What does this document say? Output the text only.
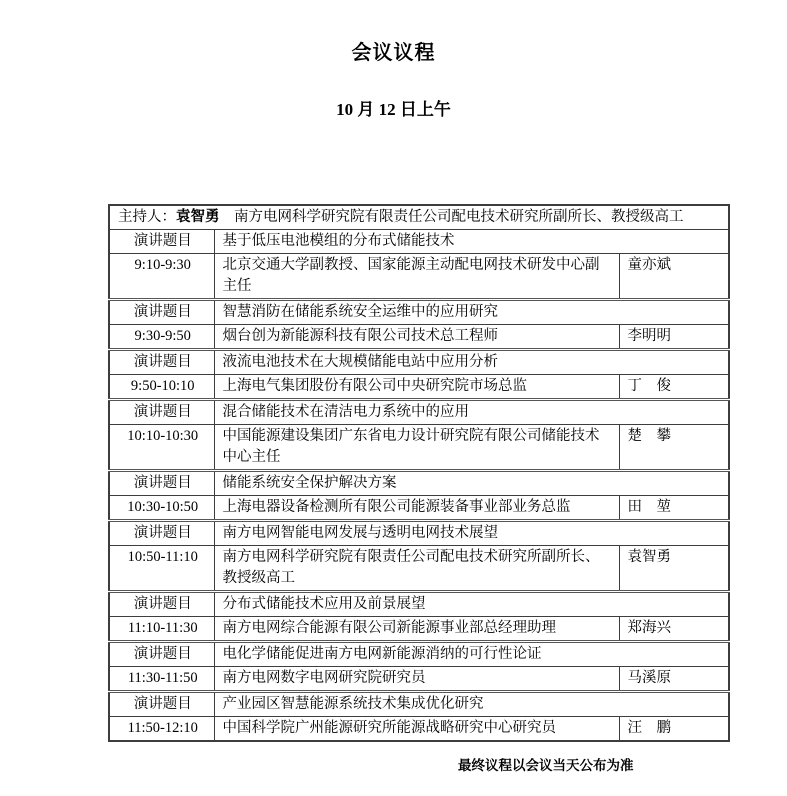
会议议程
10 月 12 日上午
主持人：袁智勇　南方电网科学研究院有限责任公司配电技术研究所副所长、教授级高工		
演讲题目	基于低压电池模组的分布式储能技术	
9:10-9:30	北京交通大学副教授、国家能源主动配电网技术研发中心副主任	童亦斌
演讲题目	智慧消防在储能系统安全运维中的应用研究	
9:30-9:50	烟台创为新能源科技有限公司技术总工程师	李明明
演讲题目	液流电池技术在大规模储能电站中应用分析	
9:50-10:10	上海电气集团股份有限公司中央研究院市场总监	丁　俊
演讲题目	混合储能技术在清洁电力系统中的应用	
10:10-10:30	中国能源建设集团广东省电力设计研究院有限公司储能技术中心主任	楚　攀
演讲题目	储能系统安全保护解决方案	
10:30-10:50	上海电器设备检测所有限公司能源装备事业部业务总监	田　堃
演讲题目	南方电网智能电网发展与透明电网技术展望	
10:50-11:10	南方电网科学研究院有限责任公司配电技术研究所副所长、教授级高工	袁智勇
演讲题目	分布式储能技术应用及前景展望	
11:10-11:30	南方电网综合能源有限公司新能源事业部总经理助理	郑海兴
演讲题目	电化学储能促进南方电网新能源消纳的可行性论证	
11:30-11:50	南方电网数字电网研究院研究员	马溪原
演讲题目	产业园区智慧能源系统技术集成优化研究	
11:50-12:10	中国科学院广州能源研究所能源战略研究中心研究员	汪　鹏
最终议程以会议当天公布为准
